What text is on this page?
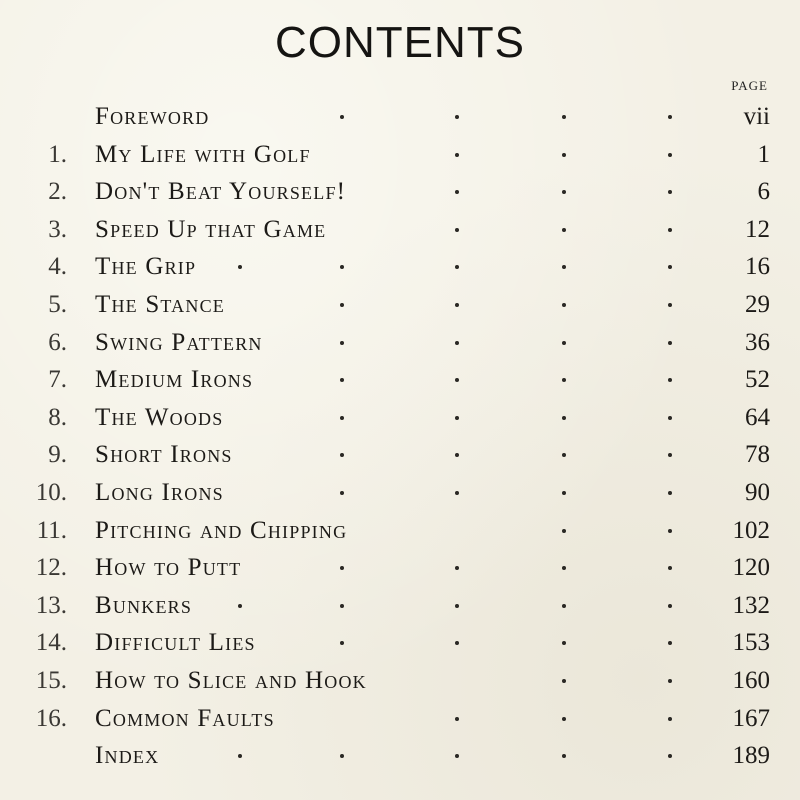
CONTENTS
PAGE
Foreword	vii
1. My Life with Golf	1
2. Don't Beat Yourself!	6
3. Speed Up that Game	12
4. The Grip	16
5. The Stance	29
6. Swing Pattern	36
7. Medium Irons	52
8. The Woods	64
9. Short Irons	78
10. Long Irons	90
11. Pitching and Chipping	102
12. How to Putt	120
13. Bunkers	132
14. Difficult Lies	153
15. How to Slice and Hook	160
16. Common Faults	167
Index	189
